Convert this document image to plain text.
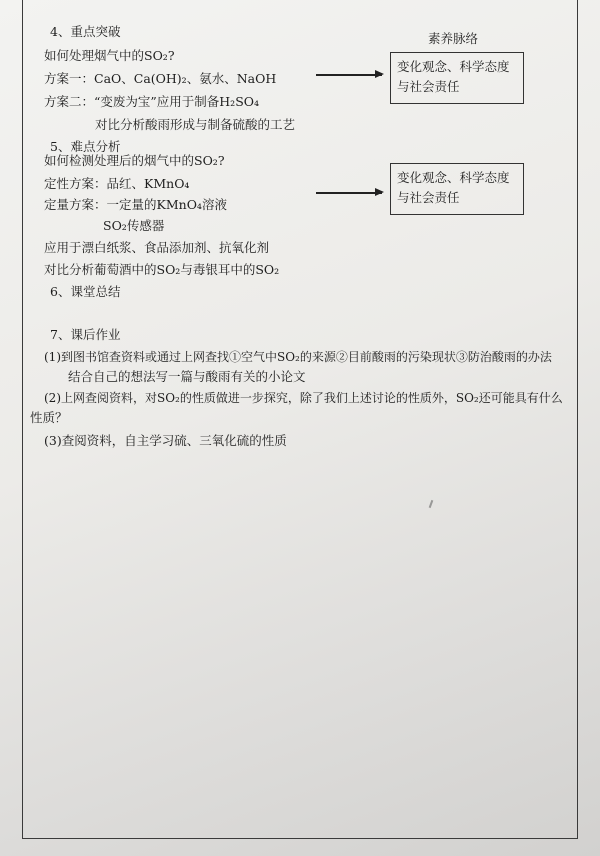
4、重点突破
如何处理烟气中的SO₂?
方案一：CaO、Ca(OH)₂、氨水、NaOH
方案二：“变废为宝”应用于制备H₂SO₄
对比分析酸雨形成与制备硫酸的工艺
素养脉络
变化观念、科学态度
与社会责任
5、难点分析
如何检测处理后的烟气中的SO₂?
定性方案：品红、KMnO₄
定量方案：一定量的KMnO₄溶液
SO₂传感器
应用于漂白纸浆、食品添加剂、抗氧化剂
对比分析葡萄酒中的SO₂与毒银耳中的SO₂
变化观念、科学态度
与社会责任
6、课堂总结
7、课后作业
(1)到图书馆查资料或通过上网查找①空气中SO₂的来源②目前酸雨的污染现状③防治酸雨的办法
结合自己的想法写一篇与酸雨有关的小论文
(2)上网查阅资料，对SO₂的性质做进一步探究，除了我们上述讨论的性质外，SO₂还可能具有什么
性质？
(3)查阅资料，自主学习硫、三氧化硫的性质
